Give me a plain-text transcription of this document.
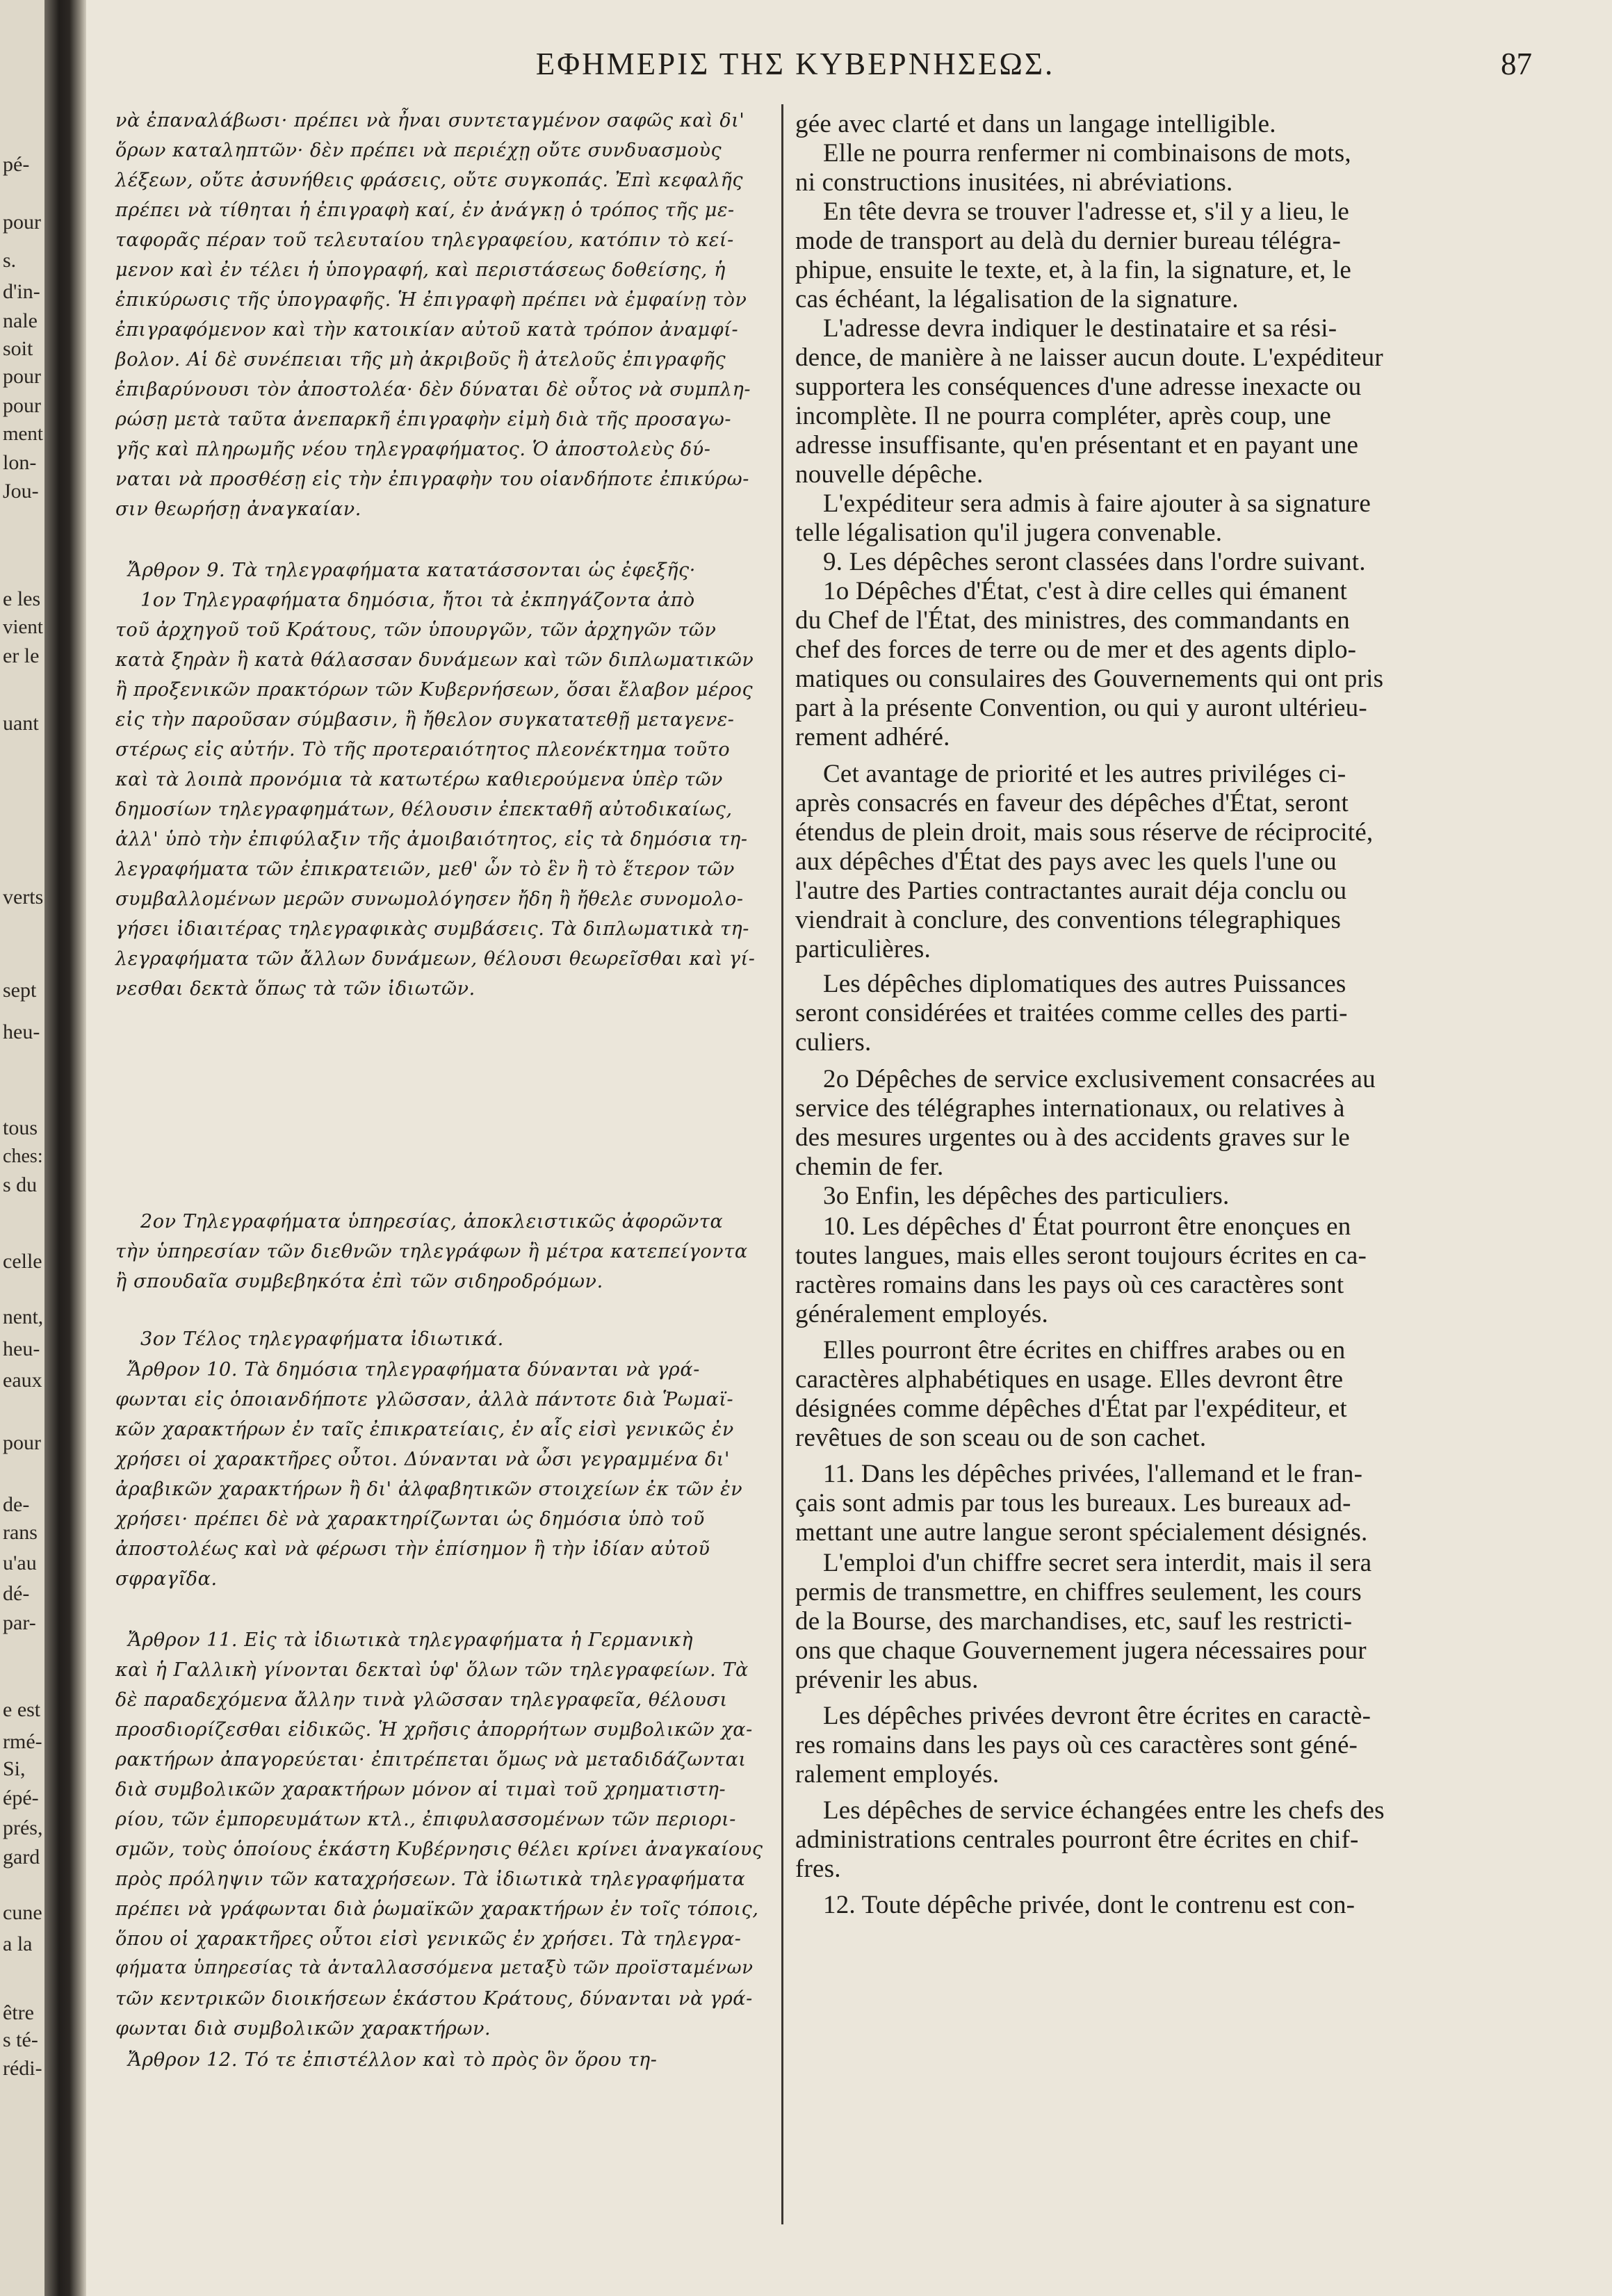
pé-
pour
s.
d'in-
nale
soit
pour
pour
ment
lon-
Jou-
e les
vient
er le
uant
verts
sept
heu-
tous
ches:
s du
celle
nent,
heu-
eaux
pour
de-
rans
u'au
dé-
par-
e est
rmé-
Si,
épé-
prés,
gard
cune
a la
être
s té-
rédi-
ΕΦΗΜΕΡΙΣ ΤΗΣ ΚΥΒΕΡΝΗΣΕΩΣ.	87
νὰ ἐπαναλάβωσι· πρέπει νὰ ἦναι συντεταγμένον σαφῶς καὶ δι'
ὅρων καταληπτῶν· δὲν πρέπει νὰ περιέχῃ οὔτε συνδυασμοὺς
λέξεων, οὔτε ἀσυνήθεις φράσεις, οὔτε συγκοπάς. Ἐπὶ κεφαλῆς
πρέπει νὰ τίθηται ἡ ἐπιγραφὴ καί, ἐν ἀνάγκῃ ὁ τρόπος τῆς με-
ταφορᾶς πέραν τοῦ τελευταίου τηλεγραφείου, κατόπιν τὸ κεί-
μενον καὶ ἐν τέλει ἡ ὑπογραφή, καὶ περιστάσεως δοθείσης, ἡ
ἐπικύρωσις τῆς ὑπογραφῆς. Ἡ ἐπιγραφὴ πρέπει νὰ ἐμφαίνῃ τὸν
ἐπιγραφόμενον καὶ τὴν κατοικίαν αὐτοῦ κατὰ τρόπον ἀναμφί-
βολον. Αἱ δὲ συνέπειαι τῆς μὴ ἀκριβοῦς ἢ ἀτελοῦς ἐπιγραφῆς
ἐπιβαρύνουσι τὸν ἀποστολέα· δὲν δύναται δὲ οὗτος νὰ συμπλη-
ρώσῃ μετὰ ταῦτα ἀνεπαρκῆ ἐπιγραφὴν εἰμὴ διὰ τῆς προσαγω-
γῆς καὶ πληρωμῆς νέου τηλεγραφήματος. Ὁ ἀποστολεὺς δύ-
ναται νὰ προσθέσῃ εἰς τὴν ἐπιγραφὴν του οἱανδήποτε ἐπικύρω-
σιν θεωρήσῃ ἀναγκαίαν.
Ἄρθρον 9. Τὰ τηλεγραφήματα κατατάσσονται ὡς ἐφεξῆς·
1ον Τηλεγραφήματα δημόσια, ἤτοι τὰ ἐκπηγάζοντα ἀπὸ
τοῦ ἀρχηγοῦ τοῦ Κράτους, τῶν ὑπουργῶν, τῶν ἀρχηγῶν τῶν
κατὰ ξηρὰν ἢ κατὰ θάλασσαν δυνάμεων καὶ τῶν διπλωματικῶν
ἢ προξενικῶν πρακτόρων τῶν Κυβερνήσεων, ὅσαι ἔλαβον μέρος
εἰς τὴν παροῦσαν σύμβασιν, ἢ ἤθελον συγκατατεθῇ μεταγενε-
στέρως εἰς αὐτήν. Τὸ τῆς προτεραιότητος πλεονέκτημα τοῦτο
καὶ τὰ λοιπὰ προνόμια τὰ κατωτέρω καθιερούμενα ὑπὲρ τῶν
δημοσίων τηλεγραφημάτων, θέλουσιν ἐπεκταθῆ αὐτοδικαίως,
ἀλλ' ὑπὸ τὴν ἐπιφύλαξιν τῆς ἀμοιβαιότητος, εἰς τὰ δημόσια τη-
λεγραφήματα τῶν ἐπικρατειῶν, μεθ' ὧν τὸ ἓν ἢ τὸ ἕτερον τῶν
συμβαλλομένων μερῶν συνωμολόγησεν ἤδη ἢ ἤθελε συνομολο-
γήσει ἰδιαιτέρας τηλεγραφικὰς συμβάσεις. Τὰ διπλωματικὰ τη-
λεγραφήματα τῶν ἄλλων δυνάμεων, θέλουσι θεωρεῖσθαι καὶ γί-
νεσθαι δεκτὰ ὅπως τὰ τῶν ἰδιωτῶν.
2ον Τηλεγραφήματα ὑπηρεσίας, ἀποκλειστικῶς ἀφορῶντα
τὴν ὑπηρεσίαν τῶν διεθνῶν τηλεγράφων ἢ μέτρα κατεπείγοντα
ἢ σπουδαῖα συμβεβηκότα ἐπὶ τῶν σιδηροδρόμων.
3ον Τέλος τηλεγραφήματα ἰδιωτικά.
Ἄρθρον 10. Τὰ δημόσια τηλεγραφήματα δύνανται νὰ γρά-
φωνται εἰς ὁποιανδήποτε γλῶσσαν, ἀλλὰ πάντοτε διὰ Ῥωμαϊ-
κῶν χαρακτήρων ἐν ταῖς ἐπικρατείαις, ἐν αἷς εἰσὶ γενικῶς ἐν
χρήσει οἱ χαρακτῆρες οὗτοι. Δύνανται νὰ ὦσι γεγραμμένα δι'
ἀραβικῶν χαρακτήρων ἢ δι' ἀλφαβητικῶν στοιχείων ἐκ τῶν ἐν
χρήσει· πρέπει δὲ νὰ χαρακτηρίζωνται ὡς δημόσια ὑπὸ τοῦ
ἀποστολέως καὶ νὰ φέρωσι τὴν ἐπίσημον ἢ τὴν ἰδίαν αὐτοῦ
σφραγῖδα.
Ἄρθρον 11. Εἰς τὰ ἰδιωτικὰ τηλεγραφήματα ἡ Γερμανικὴ
καὶ ἡ Γαλλικὴ γίνονται δεκταὶ ὑφ' ὅλων τῶν τηλεγραφείων. Τὰ
δὲ παραδεχόμενα ἄλλην τινὰ γλῶσσαν τηλεγραφεῖα, θέλουσι
προσδιορίζεσθαι εἰδικῶς. Ἡ χρῆσις ἀπορρήτων συμβολικῶν χα-
ρακτήρων ἀπαγορεύεται· ἐπιτρέπεται ὅμως νὰ μεταδιδάζωνται
διὰ συμβολικῶν χαρακτήρων μόνον αἱ τιμαὶ τοῦ χρηματιστη-
ρίου, τῶν ἐμπορευμάτων κτλ., ἐπιφυλασσομένων τῶν περιορι-
σμῶν, τοὺς ὁποίους ἑκάστη Κυβέρνησις θέλει κρίνει ἀναγκαίους
πρὸς πρόληψιν τῶν καταχρήσεων. Τὰ ἰδιωτικὰ τηλεγραφήματα
πρέπει νὰ γράφωνται διὰ ῥωμαϊκῶν χαρακτήρων ἐν τοῖς τόποις,
ὅπου οἱ χαρακτῆρες οὗτοι εἰσὶ γενικῶς ἐν χρήσει. Τὰ τηλεγρα-
φήματα ὑπηρεσίας τὰ ἀνταλλασσόμενα μεταξὺ τῶν προϊσταμένων
τῶν κεντρικῶν διοικήσεων ἑκάστου Κράτους, δύνανται νὰ γρά-
φωνται διὰ συμβολικῶν χαρακτήρων.
Ἄρθρον 12. Τό τε ἐπιστέλλον καὶ τὸ πρὸς ὃν ὅρου τη-
gée avec clarté et dans un langage intelligible.
Elle ne pourra renfermer ni combinaisons de mots,
ni constructions inusitées, ni abréviations.
En tête devra se trouver l'adresse et, s'il y a lieu, le
mode de transport au delà du dernier bureau télégra-
phipue, ensuite le texte, et, à la fin, la signature, et, le
cas échéant, la légalisation de la signature.
L'adresse devra indiquer le destinataire et sa rési-
dence, de manière à ne laisser aucun doute. L'expéditeur
supportera les conséquences d'une adresse inexacte ou
incomplète. Il ne pourra compléter, après coup, une
adresse insuffisante, qu'en présentant et en payant une
nouvelle dépêche.
L'expéditeur sera admis à faire ajouter à sa signature
telle légalisation qu'il jugera convenable.
9. Les dépêches seront classées dans l'ordre suivant.
1o Dépêches d'État, c'est à dire celles qui émanent
du Chef de l'État, des ministres, des commandants en
chef des forces de terre ou de mer et des agents diplo-
matiques ou consulaires des Gouvernements qui ont pris
part à la présente Convention, ou qui y auront ultérieu-
rement adhéré.
Cet avantage de priorité et les autres priviléges ci-
après consacrés en faveur des dépêches d'État, seront
étendus de plein droit, mais sous réserve de réciprocité,
aux dépêches d'État des pays avec les quels l'une ou
l'autre des Parties contractantes aurait déja conclu ou
viendrait à conclure, des conventions télegraphiques
particulières.
Les dépêches diplomatiques des autres Puissances
seront considérées et traitées comme celles des parti-
culiers.
2o Dépêches de service exclusivement consacrées au
service des télégraphes internationaux, ou relatives à
des mesures urgentes ou à des accidents graves sur le
chemin de fer.
3o Enfin, les dépêches des particuliers.
10. Les dépêches d' État pourront être enonçues en
toutes langues, mais elles seront toujours écrites en ca-
ractères romains dans les pays où ces caractères sont
généralement employés.
Elles pourront être écrites en chiffres arabes ou en
caractères alphabétiques en usage. Elles devront être
désignées comme dépêches d'État par l'expéditeur, et
revêtues de son sceau ou de son cachet.
11. Dans les dépêches privées, l'allemand et le fran-
çais sont admis par tous les bureaux. Les bureaux ad-
mettant une autre langue seront spécialement désignés.
L'emploi d'un chiffre secret sera interdit, mais il sera
permis de transmettre, en chiffres seulement, les cours
de la Bourse, des marchandises, etc, sauf les restricti-
ons que chaque Gouvernement jugera nécessaires pour
prévenir les abus.
Les dépêches privées devront être écrites en caractè-
res romains dans les pays où ces caractères sont géné-
ralement employés.
Les dépêches de service échangées entre les chefs des
administrations centrales pourront être écrites en chif-
fres.
12. Toute dépêche privée, dont le contrenu est con-
